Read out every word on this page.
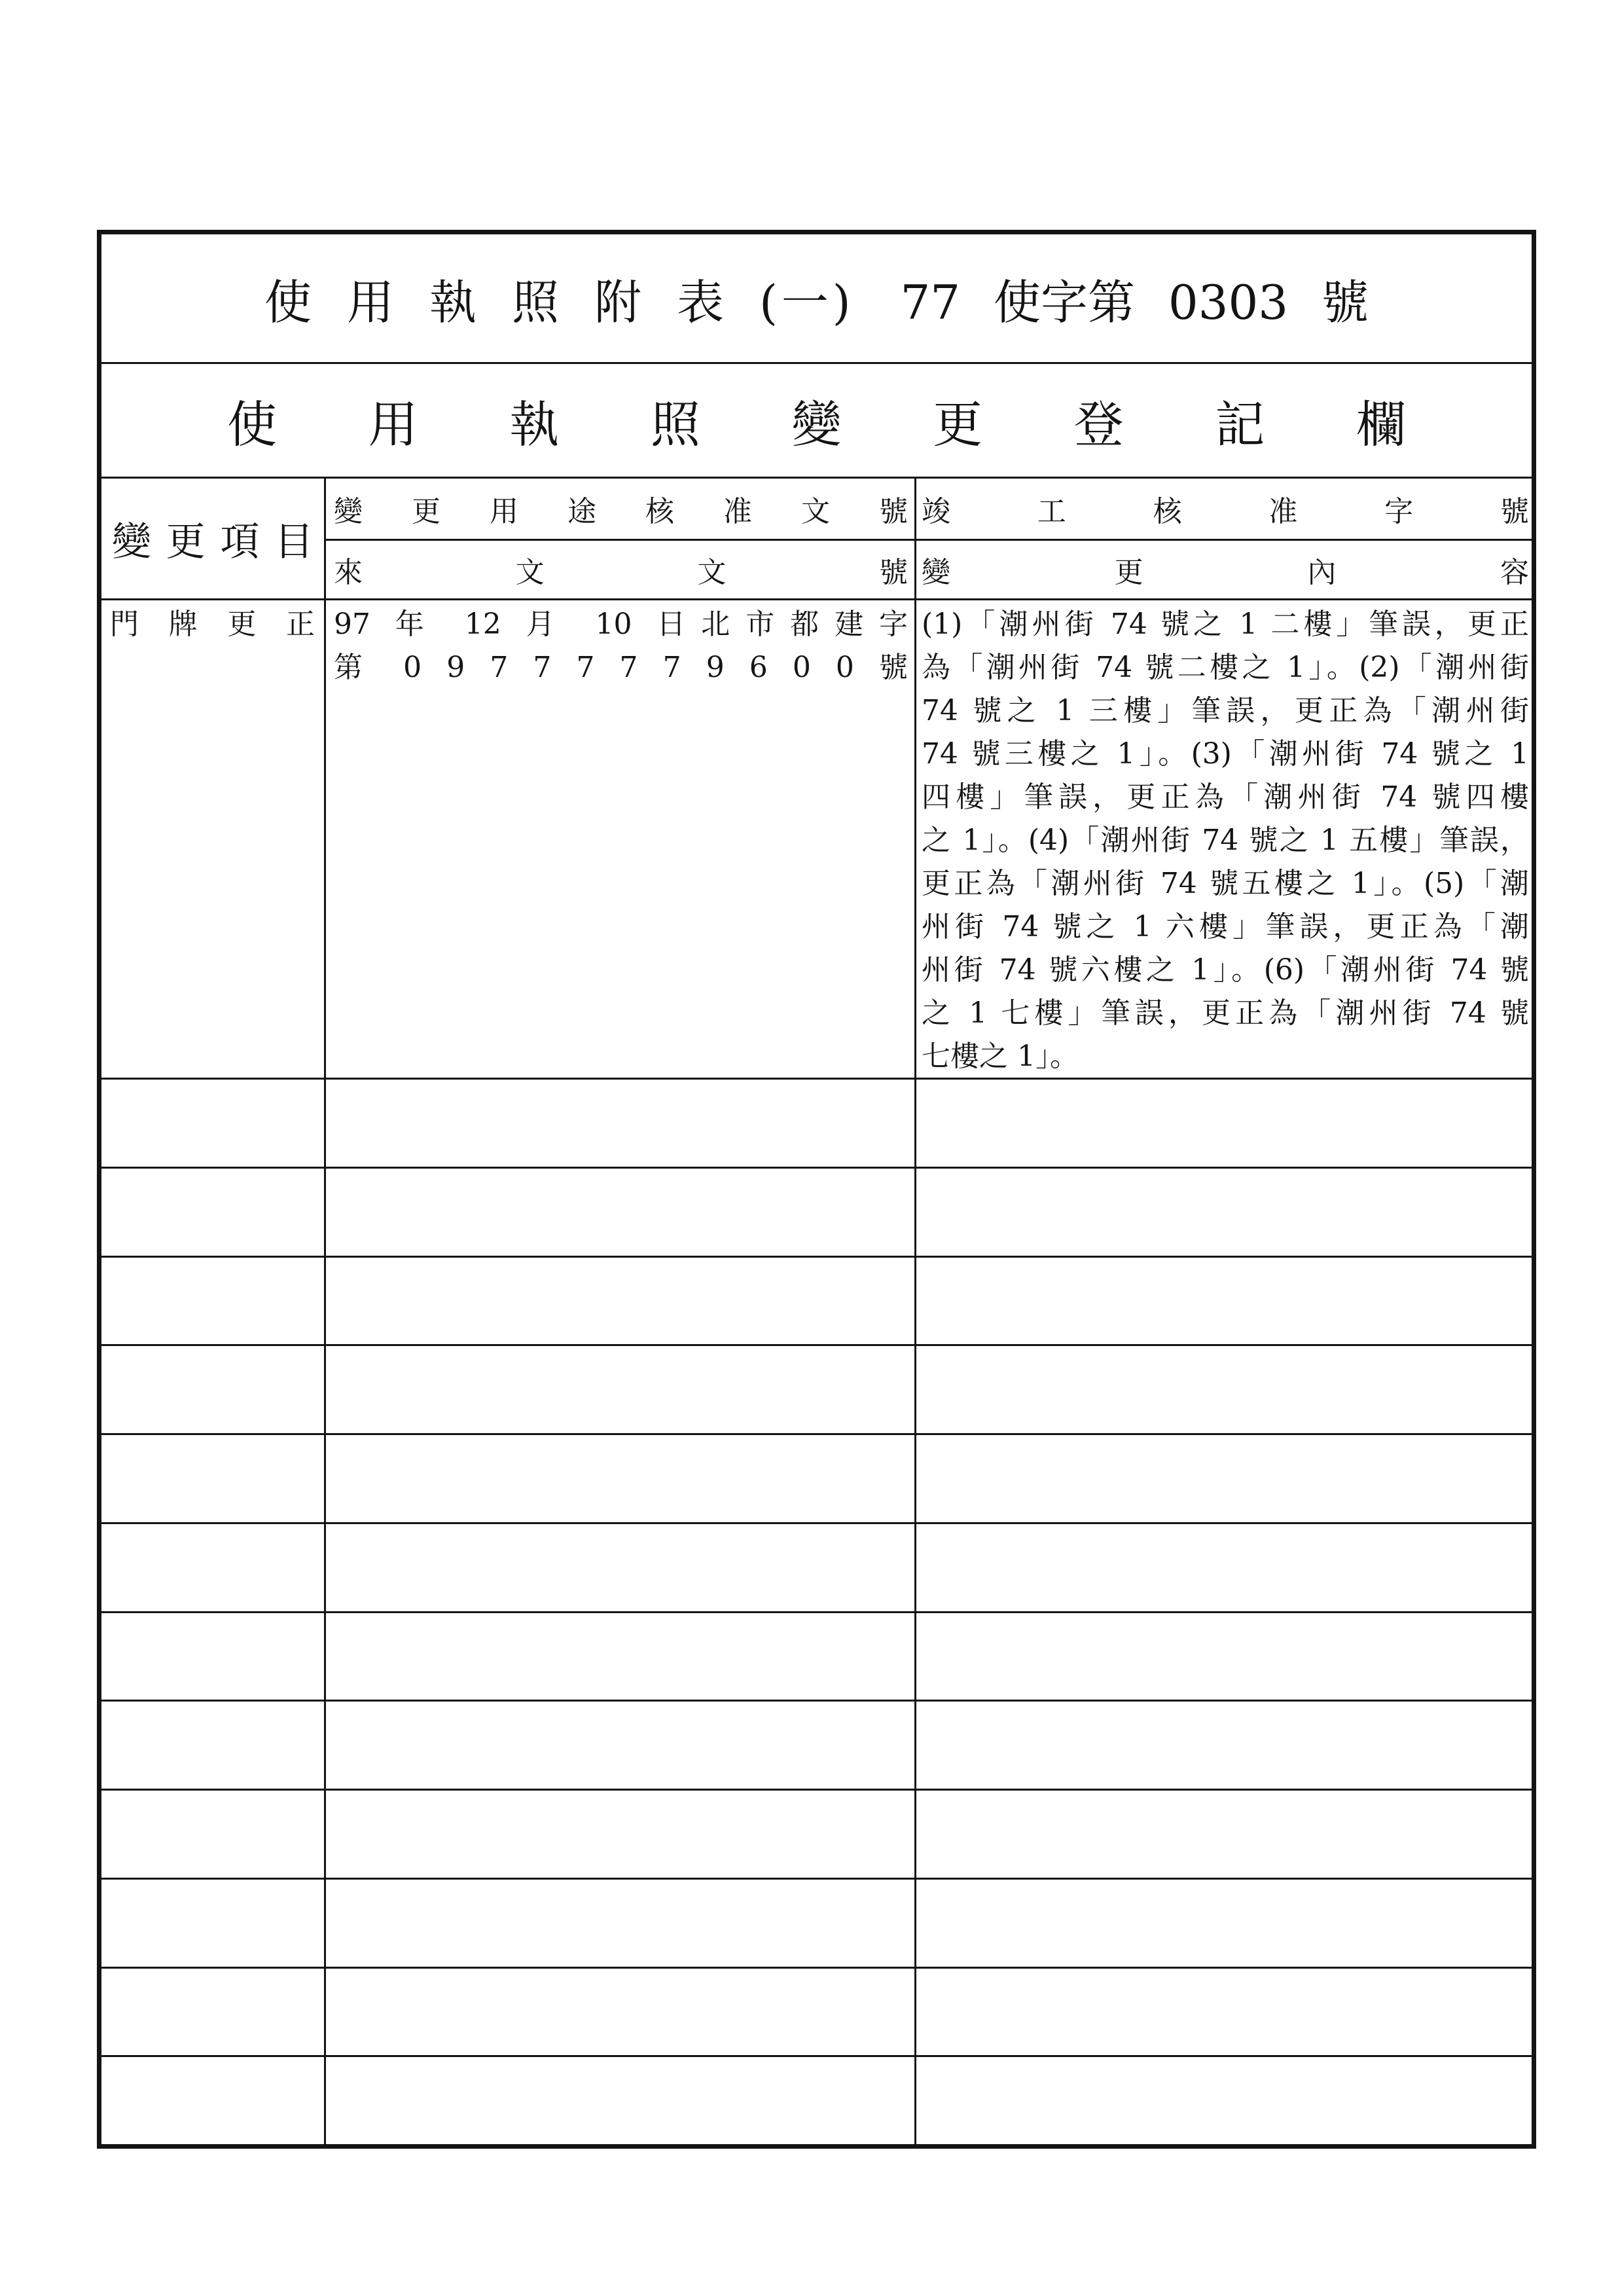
使用執照附表 (一) 77 使字第 0303 號
使用執照變更登記欄
變更項目
變更用途核准文號 竣工核准字號
來文文號 變更內容
門牌更正 97 年 12 月 10 日北市都建字
第 0 9 7 7 7 7 7 9 6 0 0 號
(1)「潮州街 74 號之 1 二樓」筆誤，更正
為「潮州街 74 號二樓之 1」。(2)「潮州街
74 號之 1 三樓」筆誤，更正為「潮州街
74 號三樓之 1」。(3)「潮州街 74 號之 1
四樓」筆誤，更正為「潮州街 74 號四樓
之 1」。(4)「潮州街 74 號之 1 五樓」筆誤，
更正為「潮州街 74 號五樓之 1」。(5)「潮
州街 74 號之 1 六樓」筆誤，更正為「潮
州街 74 號六樓之 1」。(6)「潮州街 74 號
之 1 七樓」筆誤，更正為「潮州街 74 號
七樓之 1」。
